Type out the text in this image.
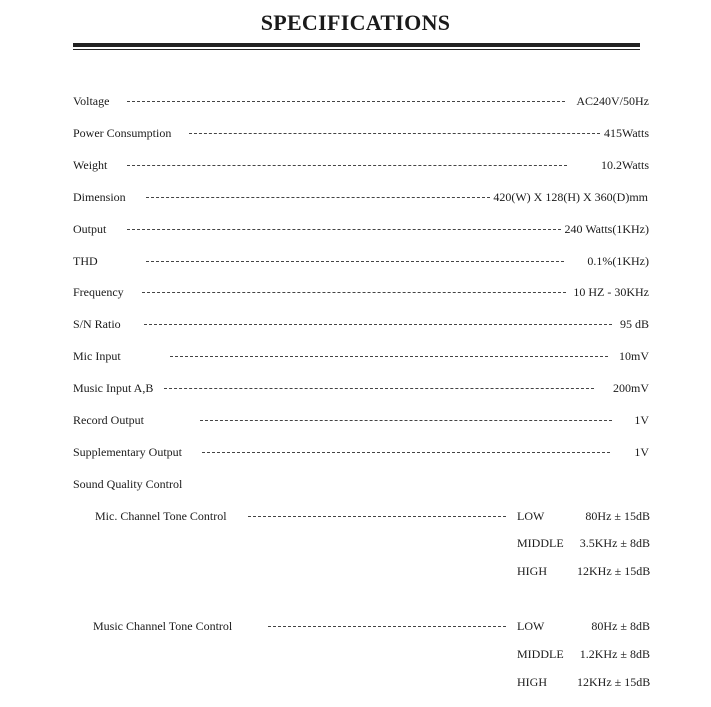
SPECIFICATIONS
Voltage	AC240V/50Hz
Power Consumption	415Watts
Weight	10.2Watts
Dimension	420(W) X 128(H) X 360(D)mm
Output	240 Watts(1KHz)
THD	0.1%(1KHz)
Frequency	10 HZ - 30KHz
S/N Ratio	95 dB
Mic Input	10mV
Music Input A,B	200mV
Record Output	1V
Supplementary Output	1V
Sound Quality Control
Mic. Channel Tone Control	LOW	80Hz ± 15dB
MIDDLE 3.5KHz ± 8dB
HIGH	12KHz ± 15dB
Music Channel Tone Control	LOW	80Hz ± 8dB
MIDDLE 1.2KHz ± 8dB
HIGH	12KHz ± 15dB
